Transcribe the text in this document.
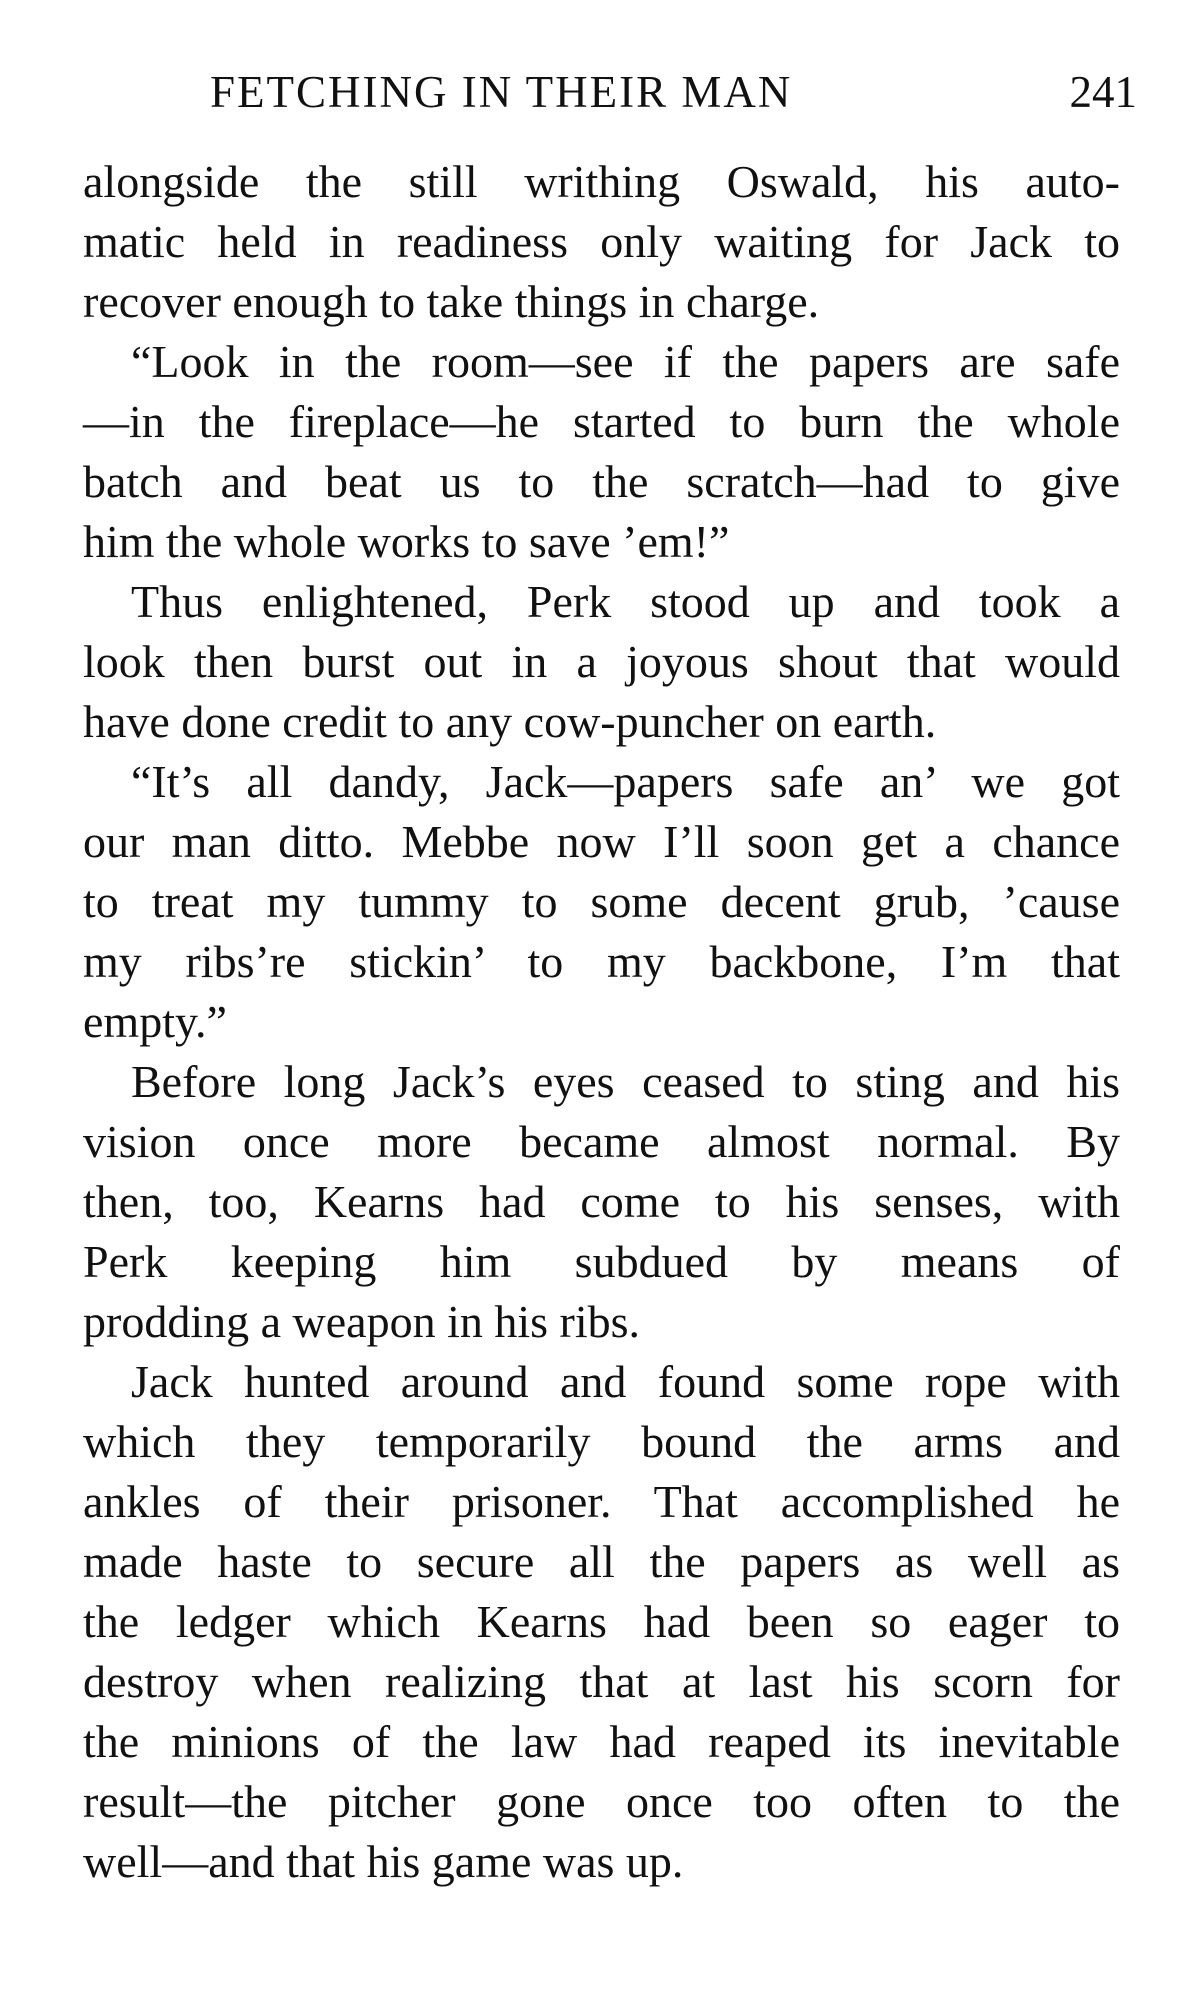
FETCHING IN THEIR MAN	241
alongside the still writhing Oswald, his auto-
matic held in readiness only waiting for Jack to
recover enough to take things in charge.
“Look in the room—see if the papers are safe
—in the fireplace—he started to burn the whole
batch and beat us to the scratch—had to give
him the whole works to save ’em!”
Thus enlightened, Perk stood up and took a
look then burst out in a joyous shout that would
have done credit to any cow-puncher on earth.
“It’s all dandy, Jack—papers safe an’ we got
our man ditto. Mebbe now I’ll soon get a chance
to treat my tummy to some decent grub, ’cause
my ribs’re stickin’ to my backbone, I’m that
empty.”
Before long Jack’s eyes ceased to sting and his
vision once more became almost normal. By
then, too, Kearns had come to his senses, with
Perk keeping him subdued by means of
prodding a weapon in his ribs.
Jack hunted around and found some rope with
which they temporarily bound the arms and
ankles of their prisoner. That accomplished he
made haste to secure all the papers as well as
the ledger which Kearns had been so eager to
destroy when realizing that at last his scorn for
the minions of the law had reaped its inevitable
result—the pitcher gone once too often to the
well—and that his game was up.
